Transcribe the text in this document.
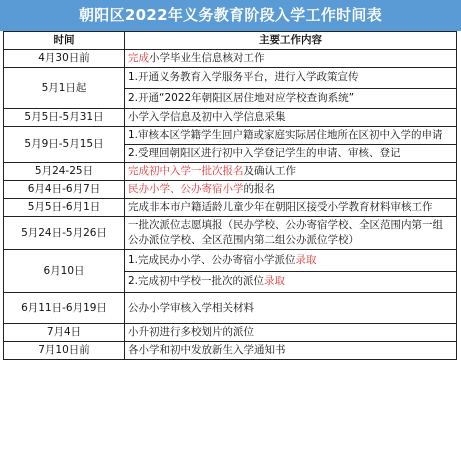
朝阳区2022年义务教育阶段入学工作时间表
时间	主要工作内容
4月30日前	完成小学毕业生信息核对工作
5月1日起	1.开通义务教育入学服务平台，进行入学政策宣传
	2.开通“2022年朝阳区居住地对应学校查询系统”
5月5日-5月31日	小学入学信息及初中入学信息采集
5月9日-5月15日	1.审核本区学籍学生回户籍或家庭实际居住地所在区初中入学的申请
	2.受理回朝阳区进行初中入学登记学生的申请、审核、登记
5月24-25日	完成初中入学一批次报名及确认工作
6月4日-6月7日	民办小学、公办寄宿小学的报名
5月5日-6月1日	完成非本市户籍适龄儿童少年在朝阳区接受小学教育材料审核工作
5月24日-5月26日	一批次派位志愿填报（民办学校、公办寄宿学校、全区范围内第一组公办派位学校、全区范围内第二组公办派位学校）
6月10日	1.完成民办小学、公办寄宿小学派位录取
	2.完成初中学校一批次的派位录取
6月11日-6月19日	公办小学审核入学相关材料
7月4日	小升初进行多校划片的派位
7月10日前	各小学和初中发放新生入学通知书
